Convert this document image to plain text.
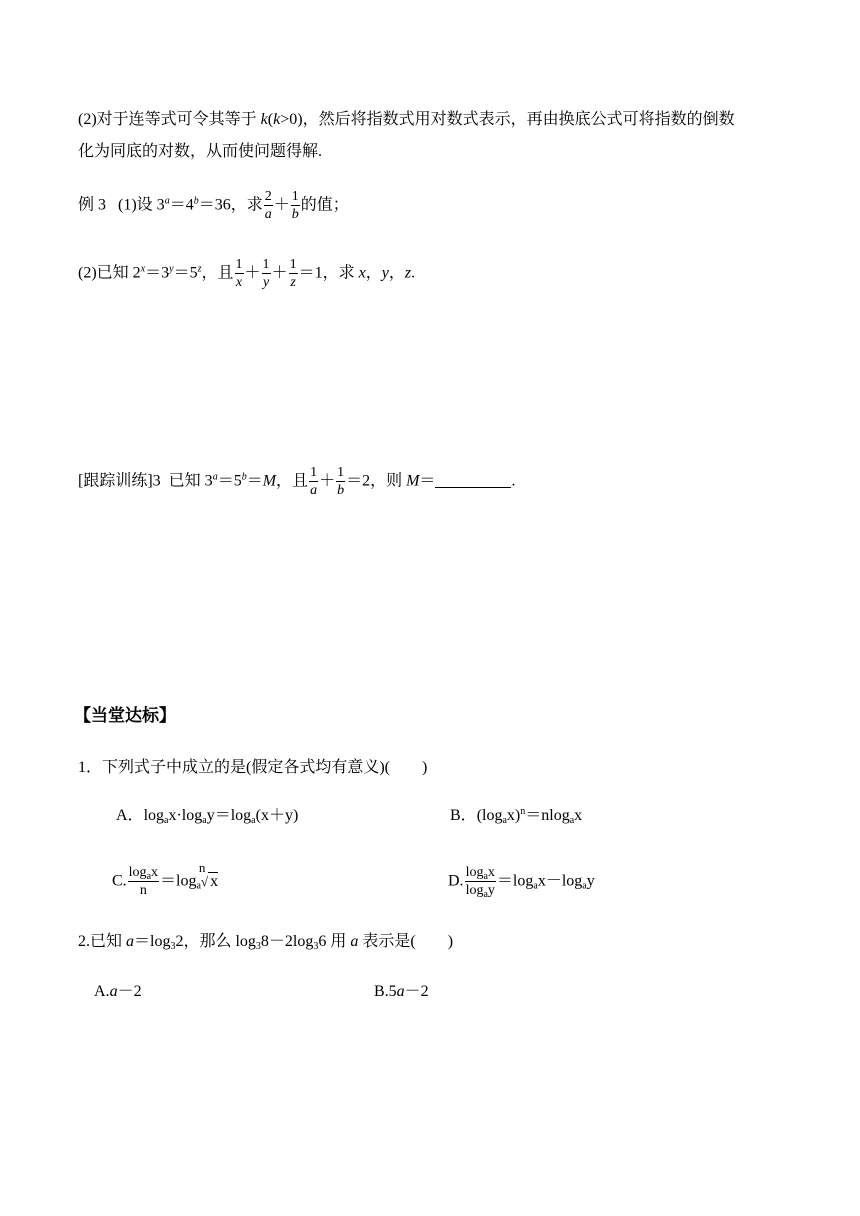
(2)对于连等式可令其等于 k(k>0)，然后将指数式用对数式表示，再由换底公式可将指数的倒数
化为同底的对数，从而使问题得解.
例 3 (1)设 $3^a=4^b=36$，求 $\frac{2}{a} + \frac{1}{b}$ 的值；
(2)已知 $2^x=3^y=5^z$，且 $\frac{1}{x} + \frac{1}{y} + \frac{1}{z} =1$，求 x，y，z.
[跟踪训练]3  已知 $3^a=5^b=M$，且 $\frac{1}{a} + \frac{1}{b} =2$，则 M＝	.
【当堂达标】
1．下列式子中成立的是(假定各式均有意义)(　　)
A．$\log_ax\cdot\log_ay=\log_a(x+y)$	B．$(\log_ax)^n=nlog_ax$
C. $\frac{\log_ax}{n} =\log_a$
n
√ x	D. $\frac{\log_ax}{\log_ay} =\log_ax-\log_ay$
2.已知 $a=\log_32$，那么 $\log_38-2\log_36$ 用 a 表示是(　　)
A.a－2	B.5a－2
